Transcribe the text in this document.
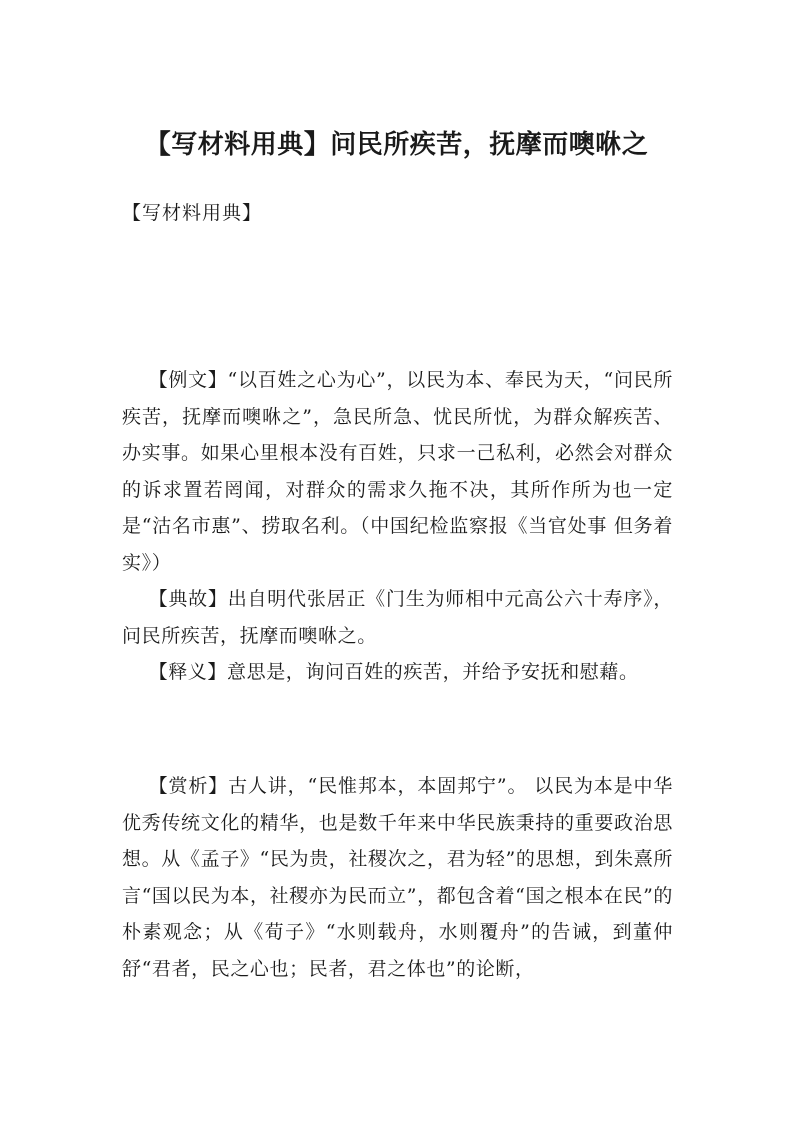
【写材料用典】问民所疾苦，抚摩而噢咻之
【写材料用典】

【例文】“以百姓之心为心”，以民为本、奉民为天，“问民所疾苦，抚摩而噢咻之”，急民所急、忧民所忧，为群众解疾苦、办实事。如果心里根本没有百姓，只求一己私利，必然会对群众的诉求置若罔闻，对群众的需求久拖不决，其所作所为也一定是“沽名市惠”、捞取名利。（中国纪检监察报《当官处事 但务着实》）

【典故】出自明代张居正《门生为师相中元高公六十寿序》，问民所疾苦，抚摩而噢咻之。

【释义】意思是，询问百姓的疾苦，并给予安抚和慰藉。

【赏析】古人讲，“民惟邦本，本固邦宁”。 以民为本是中华优秀传统文化的精华，也是数千年来中华民族秉持的重要政治思想。从《孟子》“民为贵，社稷次之，君为轻”的思想，到朱熹所言“国以民为本，社稷亦为民而立”，都包含着“国之根本在民”的朴素观念；从《荀子》“水则载舟，水则覆舟”的告诫，到董仲舒“君者，民之心也；民者，君之体也”的论断，
